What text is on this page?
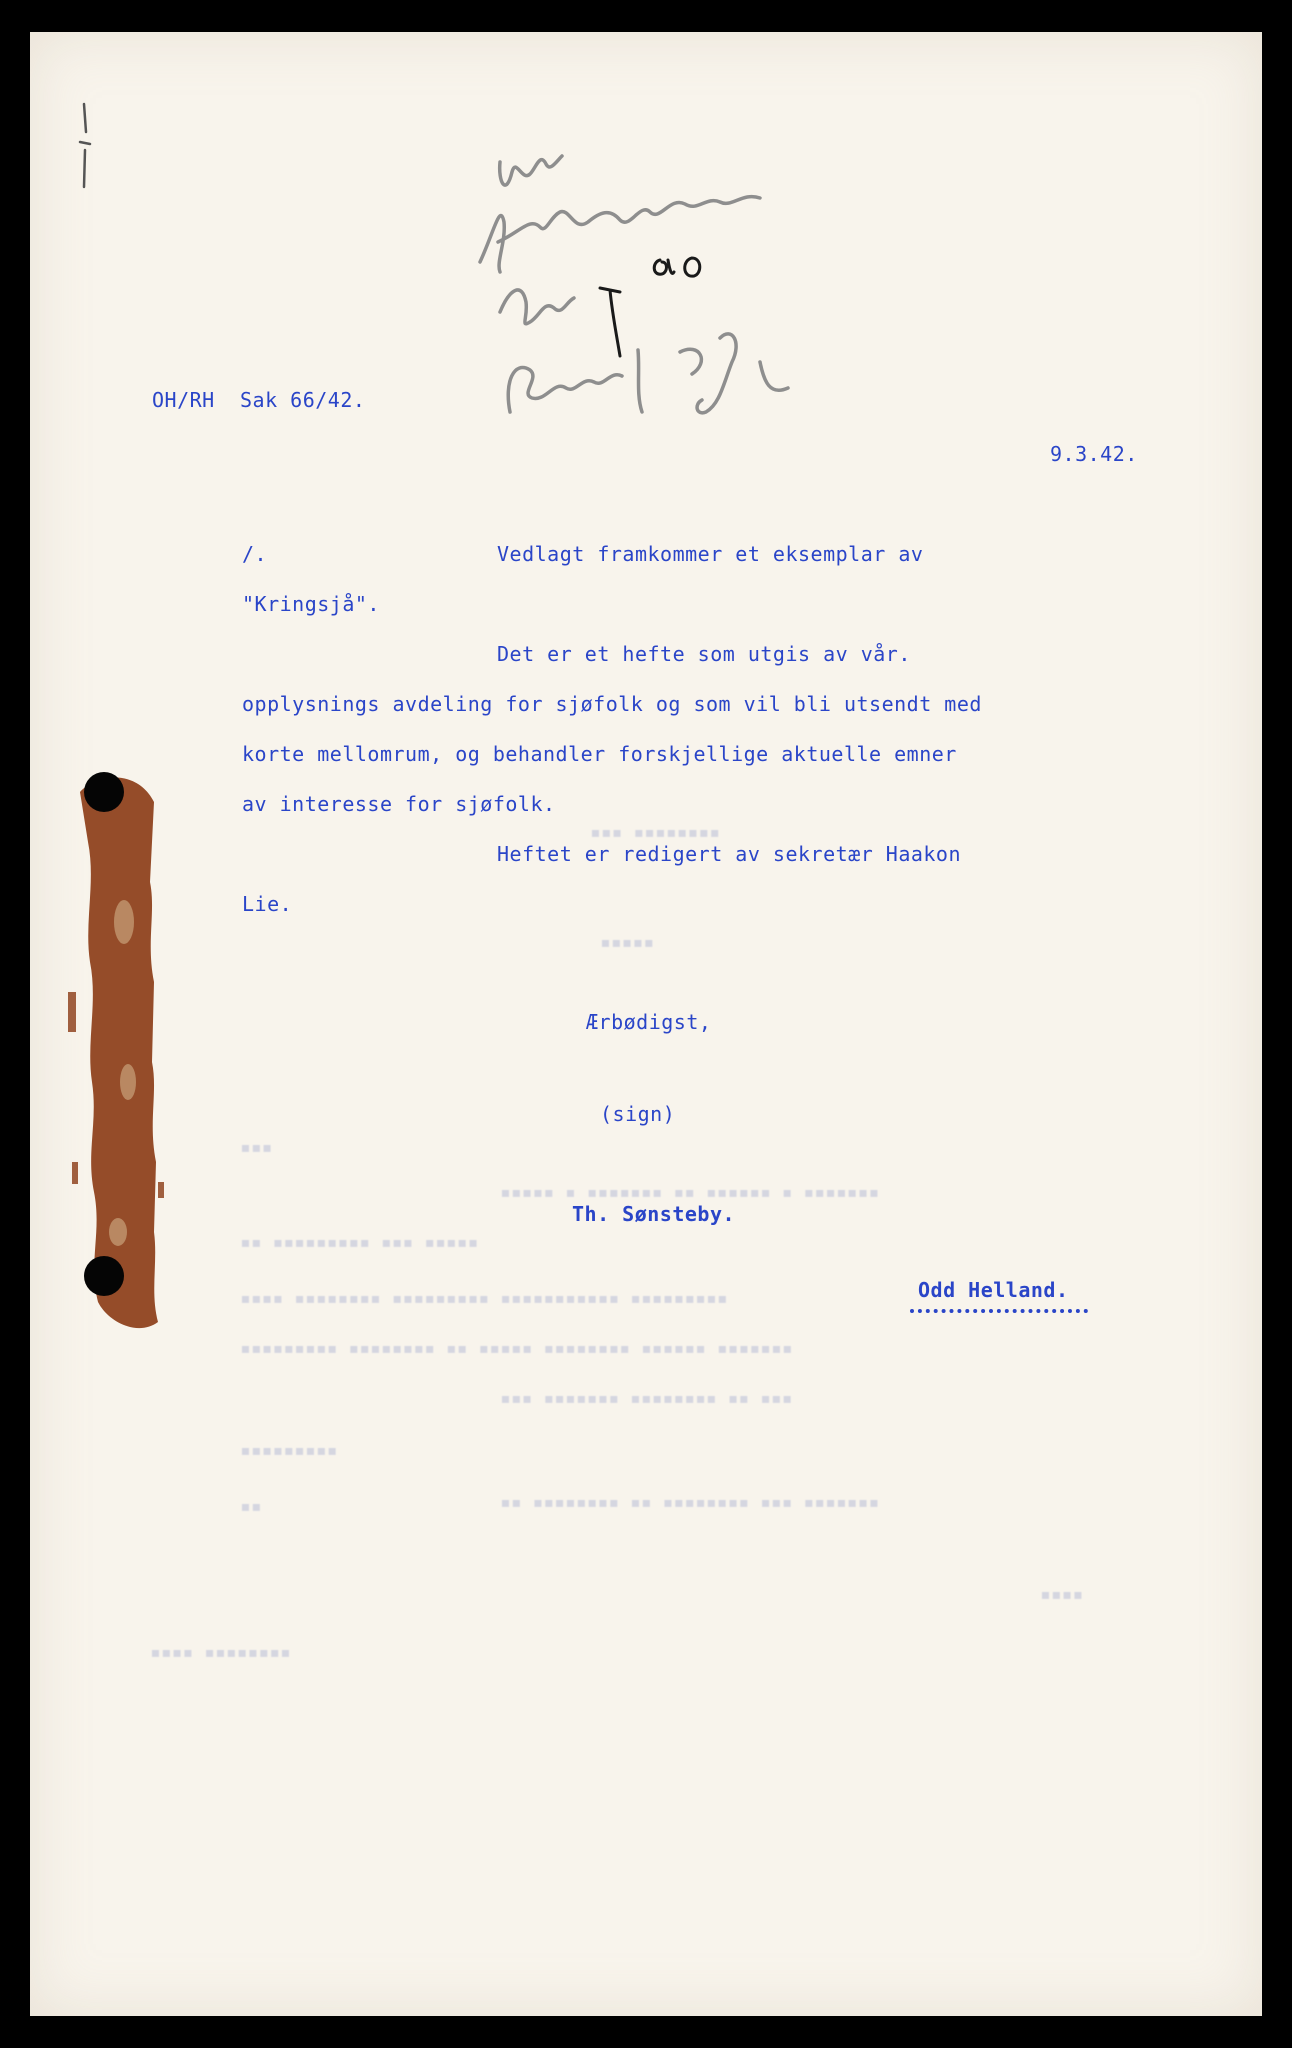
▪▪▪ ▪▪▪▪▪▪▪▪
▪▪▪▪▪
▪▪▪
▪▪▪▪▪ ▪ ▪▪▪▪▪▪▪ ▪▪ ▪▪▪▪▪▪ ▪ ▪▪▪▪▪▪▪
▪▪ ▪▪▪▪▪▪▪▪▪ ▪▪▪ ▪▪▪▪▪
▪▪▪▪ ▪▪▪▪▪▪▪▪ ▪▪▪▪▪▪▪▪▪ ▪▪▪▪▪▪▪▪▪▪▪ ▪▪▪▪▪▪▪▪▪
▪▪▪▪▪▪▪▪▪ ▪▪▪▪▪▪▪▪ ▪▪ ▪▪▪▪▪ ▪▪▪▪▪▪▪▪ ▪▪▪▪▪▪ ▪▪▪▪▪▪▪
▪▪▪ ▪▪▪▪▪▪▪ ▪▪▪▪▪▪▪▪ ▪▪ ▪▪▪
▪▪▪▪▪▪▪▪▪
▪▪ ▪▪▪▪▪▪▪▪ ▪▪ ▪▪▪▪▪▪▪▪ ▪▪▪ ▪▪▪▪▪▪▪
▪▪
▪▪▪▪
▪▪▪▪ ▪▪▪▪▪▪▪▪
OH/RH Sak 66/42.
9.3.42.
/.	Vedlagt framkommer et eksemplar av
"Kringsjå".
Det er et hefte som utgis av vår.
opplysnings avdeling for sjøfolk og som vil bli utsendt med
korte mellomrum, og behandler forskjellige aktuelle emner
av interesse for sjøfolk.
Heftet er redigert av sekretær Haakon
Lie.
Ærbødigst,
(sign)
Th. Sønsteby.
Odd Helland.
